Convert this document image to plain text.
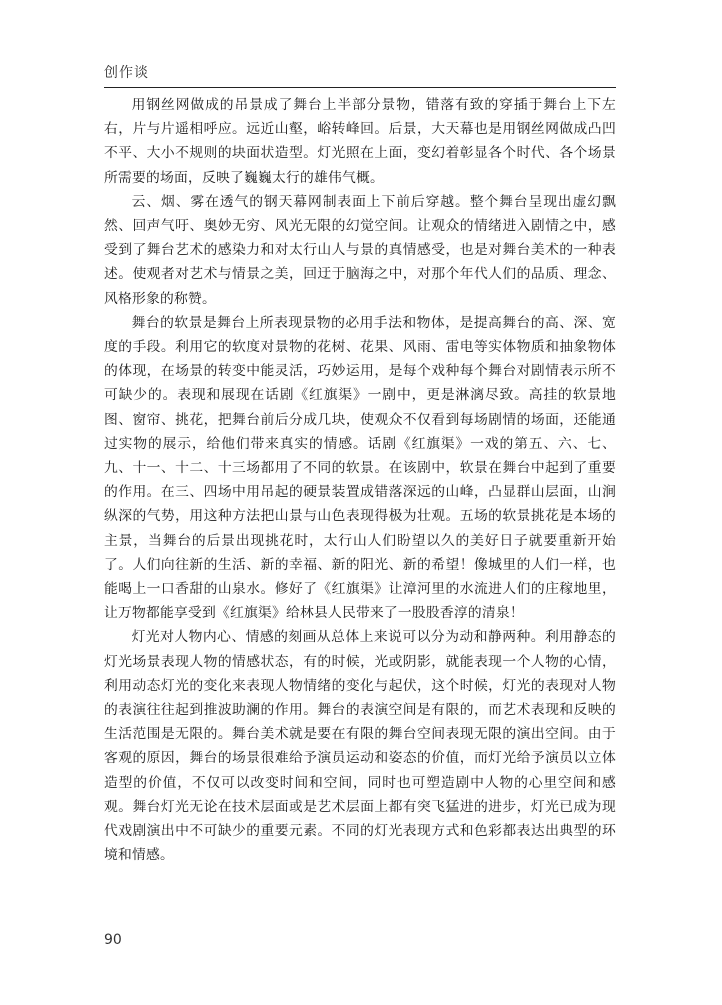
创作谈

用钢丝网做成的吊景成了舞台上半部分景物，错落有致的穿插于舞台上下左右，片与片遥相呼应。远近山壑，峪转峰回。后景，大天幕也是用钢丝网做成凸凹不平、大小不规则的块面状造型。灯光照在上面，变幻着彰显各个时代、各个场景所需要的场面，反映了巍巍太行的雄伟气概。

云、烟、雾在透气的钢天幕网制表面上下前后穿越。整个舞台呈现出虚幻飘然、回声气吁、奥妙无穷、风光无限的幻觉空间。让观众的情绪进入剧情之中，感受到了舞台艺术的感染力和对太行山人与景的真情感受，也是对舞台美术的一种表述。使观者对艺术与情景之美，回迂于脑海之中，对那个年代人们的品质、理念、风格形象的称赞。

舞台的软景是舞台上所表现景物的必用手法和物体，是提高舞台的高、深、宽度的手段。利用它的软度对景物的花树、花果、风雨、雷电等实体物质和抽象物体的体现，在场景的转变中能灵活，巧妙运用，是每个戏种每个舞台对剧情表示所不可缺少的。表现和展现在话剧《红旗渠》一剧中，更是淋漓尽致。高挂的软景地图、窗帘、挑花，把舞台前后分成几块，使观众不仅看到每场剧情的场面，还能通过实物的展示，给他们带来真实的情感。话剧《红旗渠》一戏的第五、六、七、九、十一、十二、十三场都用了不同的软景。在该剧中，软景在舞台中起到了重要的作用。在三、四场中用吊起的硬景装置成错落深远的山峰，凸显群山层面，山涧纵深的气势，用这种方法把山景与山色表现得极为壮观。五场的软景挑花是本场的主景，当舞台的后景出现挑花时，太行山人们盼望以久的美好日子就要重新开始了。人们向往新的生活、新的幸福、新的阳光、新的希望！像城里的人们一样，也能喝上一口香甜的山泉水。修好了《红旗渠》让漳河里的水流进人们的庄稼地里，让万物都能享受到《红旗渠》给林县人民带来了一股股香淳的清泉！

灯光对人物内心、情感的刻画从总体上来说可以分为动和静两种。利用静态的灯光场景表现人物的情感状态，有的时候，光或阴影，就能表现一个人物的心情，利用动态灯光的变化来表现人物情绪的变化与起伏，这个时候，灯光的表现对人物的表演往往起到推波助澜的作用。舞台的表演空间是有限的，而艺术表现和反映的生活范围是无限的。舞台美术就是要在有限的舞台空间表现无限的演出空间。由于客观的原因，舞台的场景很难给予演员运动和姿态的价值，而灯光给予演员以立体造型的价值，不仅可以改变时间和空间，同时也可塑造剧中人物的心里空间和感观。舞台灯光无论在技术层面或是艺术层面上都有突飞猛进的进步，灯光已成为现代戏剧演出中不可缺少的重要元素。不同的灯光表现方式和色彩都表达出典型的环境和情感。

90
